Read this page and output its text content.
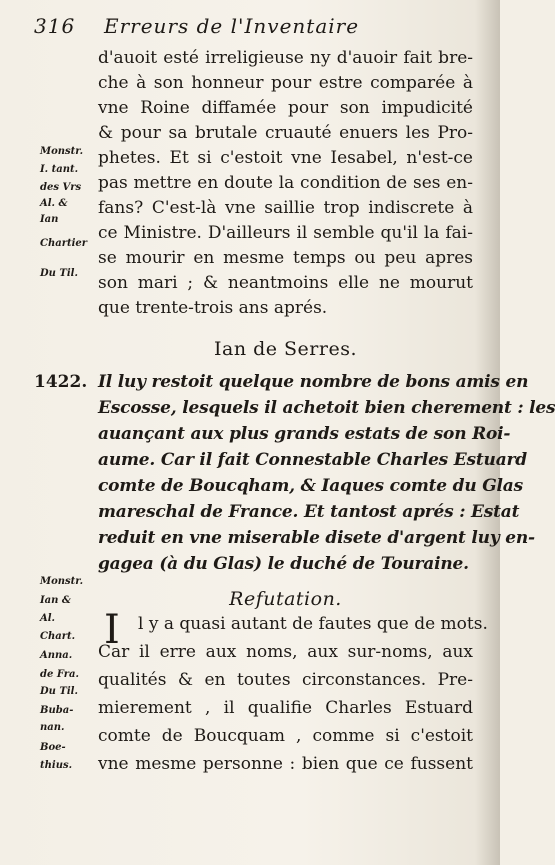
316 Erreurs de l'Inventaire
d'auoit esté irreligieuse ny d'auoir fait bre-
che à son honneur pour estre comparée à
vne Roine diffamée pour son impudicité
& pour sa brutale cruauté enuers les Pro-
phetes. Et si c'estoit vne Iesabel, n'est-ce
pas mettre en doute la condition de ses en-
fans? C'est-là vne saillie trop indiscrete à
ce Ministre. D'ailleurs il semble qu'il la fai-
se mourir en mesme temps ou peu apres
son mari ; & neantmoins elle ne mourut
que trente-trois ans aprés.
Monstr.
I. tant.
des Vrs
Al. &
Ian
Chartier
Du Til.
Ian de Serres.
1422. Il luy restoit quelque nombre de bons amis en
Escosse, lesquels il achetoit bien cherement : les
auançant aux plus grands estats de son Roi-
aume. Car il fait Connestable Charles Estuard
comte de Boucqham, & Iaques comte du Glas
mareschal de France. Et tantost aprés : Estat
reduit en vne miserable disete d'argent luy en-
gagea (à du Glas) le duché de Touraine.
Refutation.
I l y a quasi autant de fautes que de mots.
Car il erre aux noms, aux sur-noms, aux
qualités & en toutes circonstances. Pre-
mierement , il qualifie Charles Estuard
comte de Boucquam , comme si c'estoit
vne mesme personne : bien que ce fussent
Monstr.
Ian &
Al.
Chart.
Anna.
de Fra.
Du Til.
Buba-
nan.
Boe-
thius.
